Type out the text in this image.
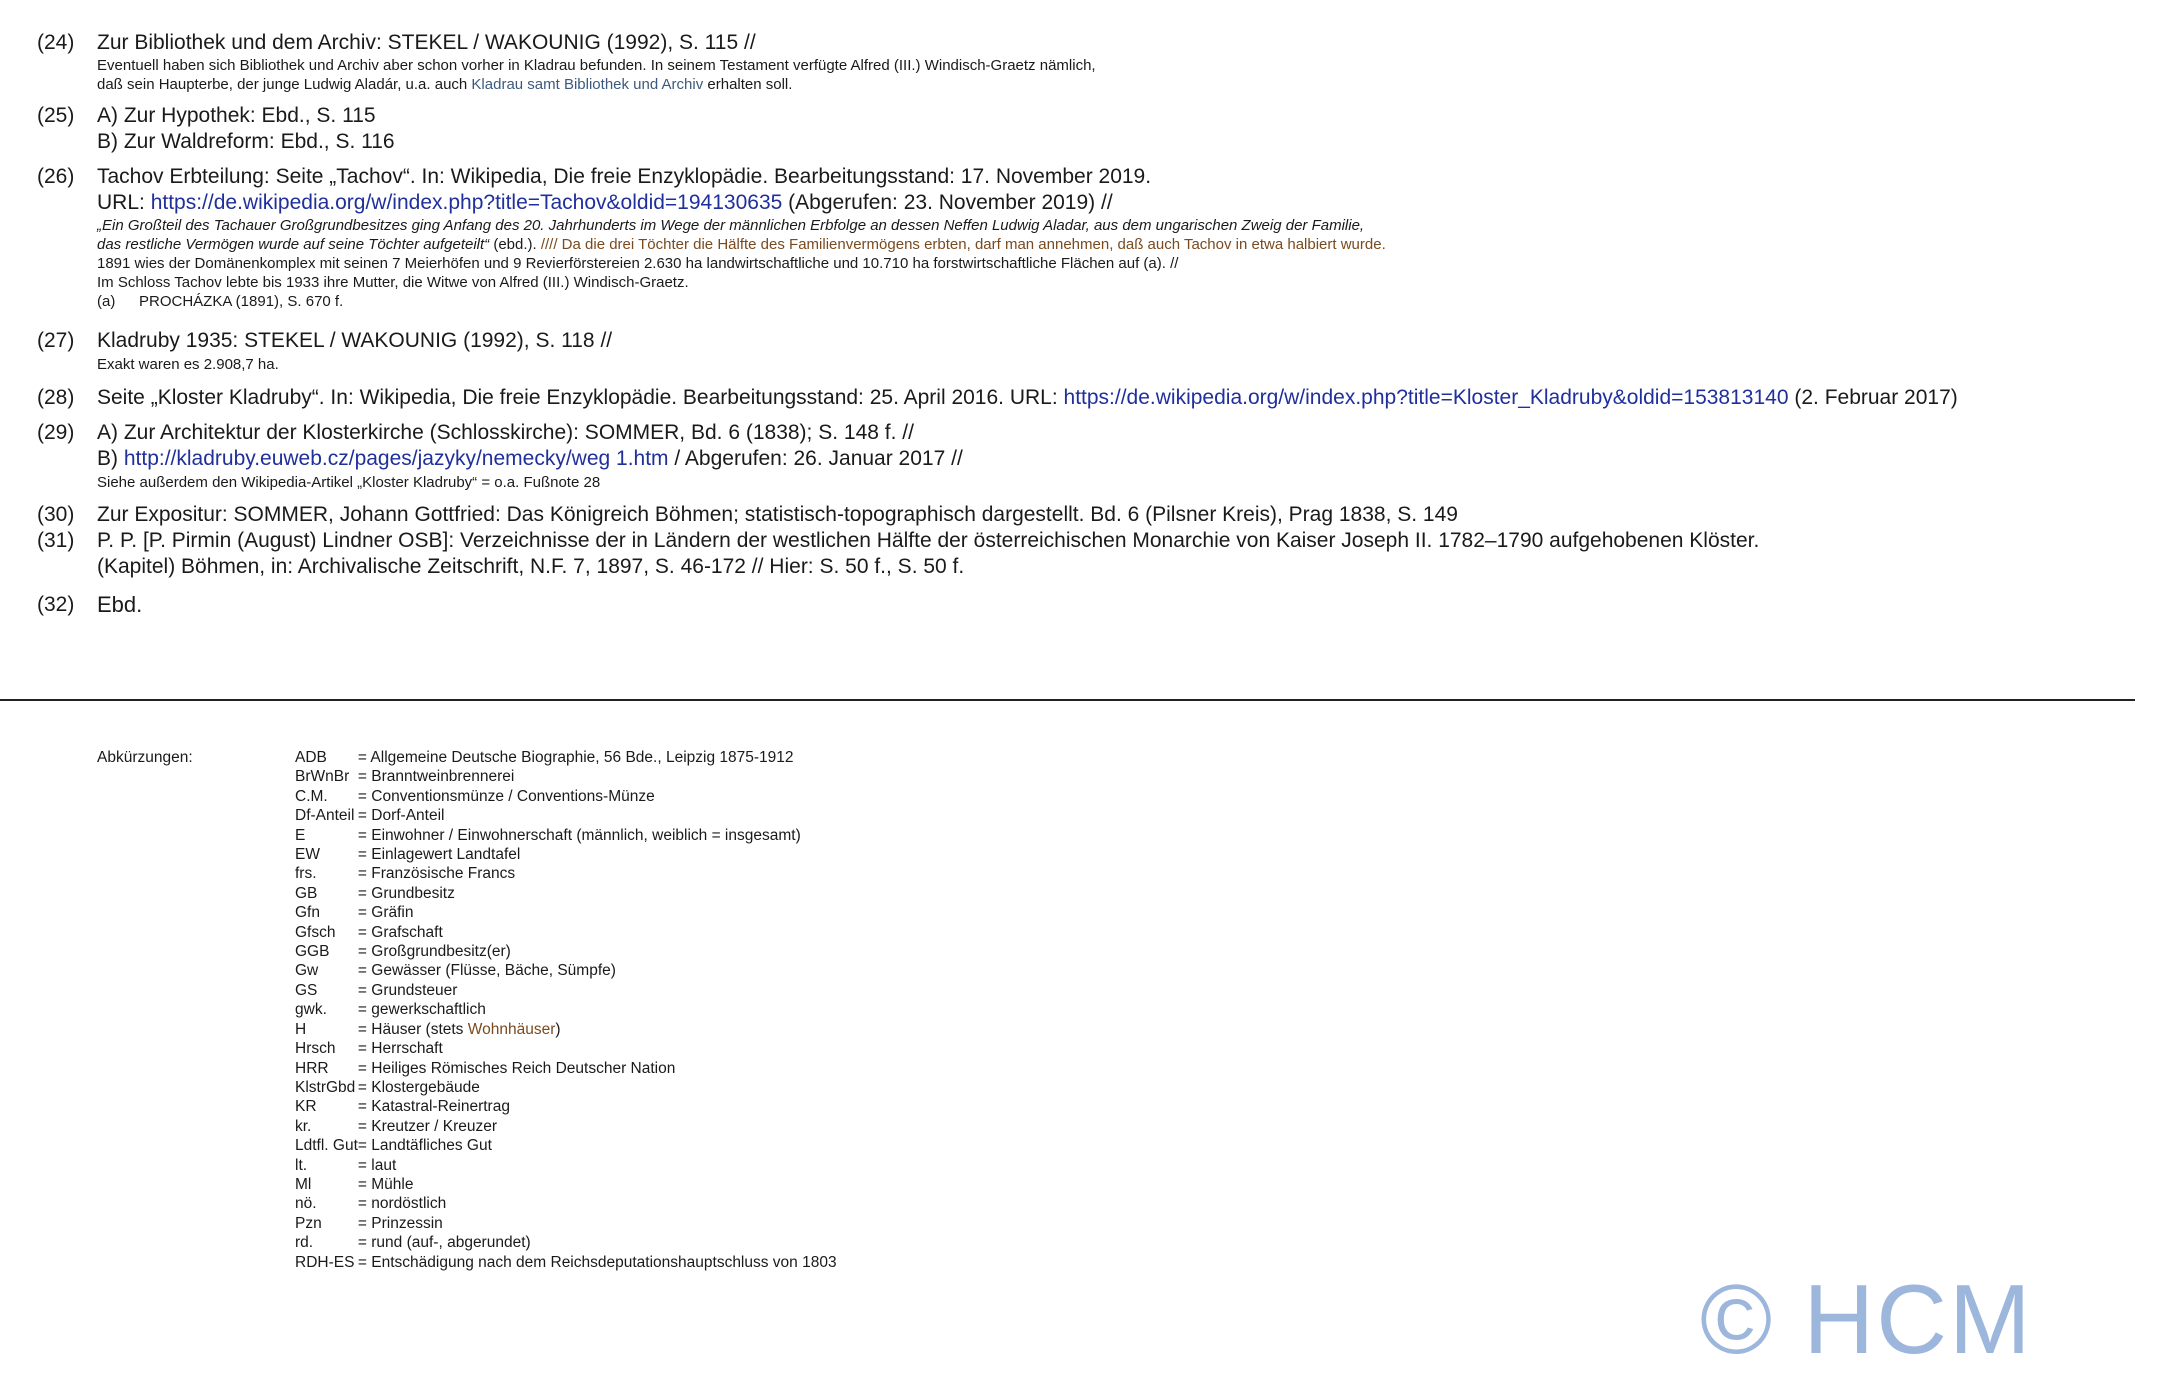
(24)	Zur Bibliothek und dem Archiv: STEKEL / WAKOUNIG (1992), S. 115 //
Eventuell haben sich Bibliothek und Archiv aber schon vorher in Kladrau befunden. In seinem Testament verfügte Alfred (III.) Windisch-Graetz nämlich,
daß sein Haupterbe, der junge Ludwig Aladár, u.a. auch Kladrau samt Bibliothek und Archiv erhalten soll.
(25)	A) Zur Hypothek: Ebd., S. 115
B) Zur Waldreform: Ebd., S. 116
(26)	Tachov Erbteilung: Seite „Tachov“. In: Wikipedia, Die freie Enzyklopädie. Bearbeitungsstand: 17. November 2019.
URL: https://de.wikipedia.org/w/index.php?title=Tachov&oldid=194130635 (Abgerufen: 23. November 2019) //
„Ein Großteil des Tachauer Großgrundbesitzes ging Anfang des 20. Jahrhunderts im Wege der männlichen Erbfolge an dessen Neffen Ludwig Aladar, aus dem ungarischen Zweig der Familie,
das restliche Vermögen wurde auf seine Töchter aufgeteilt“ (ebd.). //// Da die drei Töchter die Hälfte des Familienvermögens erbten, darf man annehmen, daß auch Tachov in etwa halbiert wurde.
1891 wies der Domänenkomplex mit seinen 7 Meierhöfen und 9 Revierförstereien 2.630 ha landwirtschaftliche und 10.710 ha forstwirtschaftliche Flächen auf (a). //
Im Schloss Tachov lebte bis 1933 ihre Mutter, die Witwe von Alfred (III.) Windisch-Graetz.
(a) PROCHÁZKA (1891), S. 670 f.
(27)	Kladruby 1935: STEKEL / WAKOUNIG (1992), S. 118 //
Exakt waren es 2.908,7 ha.
(28)	Seite „Kloster Kladruby“. In: Wikipedia, Die freie Enzyklopädie. Bearbeitungsstand: 25. April 2016. URL: https://de.wikipedia.org/w/index.php?title=Kloster_Kladruby&oldid=153813140 (2. Februar 2017)
(29)	A) Zur Architektur der Klosterkirche (Schlosskirche): SOMMER, Bd. 6 (1838); S. 148 f. //
B) http://kladruby.euweb.cz/pages/jazyky/nemecky/weg 1.htm / Abgerufen: 26. Januar 2017 //
Siehe außerdem den Wikipedia-Artikel „Kloster Kladruby“ = o.a. Fußnote 28
(30)	Zur Expositur: SOMMER, Johann Gottfried: Das Königreich Böhmen; statistisch-topographisch dargestellt. Bd. 6 (Pilsner Kreis), Prag 1838, S. 149
(31)	P. P. [P. Pirmin (August) Lindner OSB]: Verzeichnisse der in Ländern der westlichen Hälfte der österreichischen Monarchie von Kaiser Joseph II. 1782–1790 aufgehobenen Klöster.
(Kapitel) Böhmen, in: Archivalische Zeitschrift, N.F. 7, 1897, S. 46-172 // Hier: S. 50 f., S. 50 f.
(32)	Ebd.
Abkürzungen:	ADB	= Allgemeine Deutsche Biographie, 56 Bde., Leipzig 1875-1912
BrWnBr	= Branntweinbrennerei
C.M.	= Conventionsmünze / Conventions-Münze
Df-Anteil	= Dorf-Anteil
E	= Einwohner / Einwohnerschaft (männlich, weiblich = insgesamt)
EW	= Einlagewert Landtafel
frs.	= Französische Francs
GB	= Grundbesitz
Gfn	= Gräfin
Gfsch	= Grafschaft
GGB	= Großgrundbesitz(er)
Gw	= Gewässer (Flüsse, Bäche, Sümpfe)
GS	= Grundsteuer
gwk.	= gewerkschaftlich
H	= Häuser (stets Wohnhäuser)
Hrsch	= Herrschaft
HRR	= Heiliges Römisches Reich Deutscher Nation
KlstrGbd	= Klostergebäude
KR	= Katastral-Reinertrag
kr.	= Kreutzer / Kreuzer
Ldtfl. Gut	= Landtäfliches Gut
lt.	= laut
Ml	= Mühle
nö.	= nordöstlich
Pzn	= Prinzessin
rd.	= rund (auf-, abgerundet)
RDH-ES	= Entschädigung nach dem Reichsdeputationshauptschluss von 1803
© HCM
